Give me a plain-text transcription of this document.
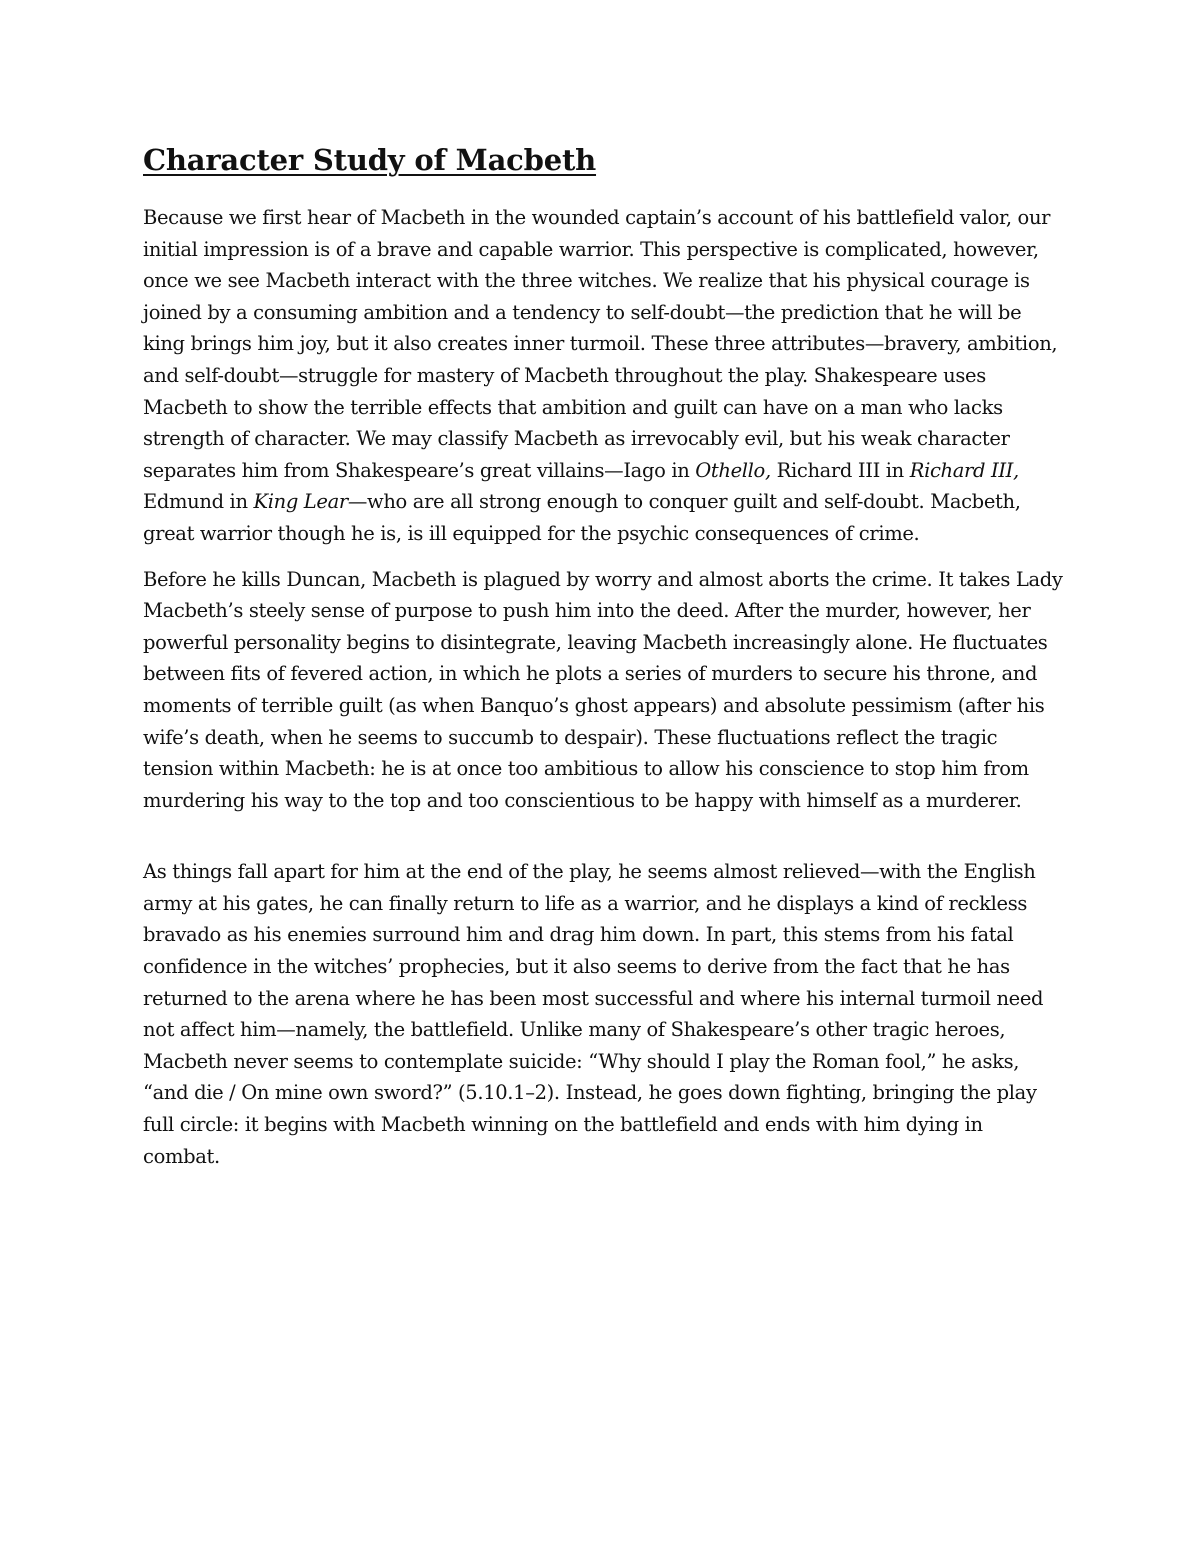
Character Study of Macbeth

Because we first hear of Macbeth in the wounded captain’s account of his battlefield valor, our initial impression is of a brave and capable warrior. This perspective is complicated, however, once we see Macbeth interact with the three witches. We realize that his physical courage is joined by a consuming ambition and a tendency to self-doubt—the prediction that he will be king brings him joy, but it also creates inner turmoil. These three attributes—bravery, ambition, and self-doubt—struggle for mastery of Macbeth throughout the play. Shakespeare uses Macbeth to show the terrible effects that ambition and guilt can have on a man who lacks strength of character. We may classify Macbeth as irrevocably evil, but his weak character separates him from Shakespeare’s great villains—Iago in Othello, Richard III in Richard III, Edmund in King Lear—who are all strong enough to conquer guilt and self-doubt. Macbeth, great warrior though he is, is ill equipped for the psychic consequences of crime.

Before he kills Duncan, Macbeth is plagued by worry and almost aborts the crime. It takes Lady Macbeth’s steely sense of purpose to push him into the deed. After the murder, however, her powerful personality begins to disintegrate, leaving Macbeth increasingly alone. He fluctuates between fits of fevered action, in which he plots a series of murders to secure his throne, and moments of terrible guilt (as when Banquo’s ghost appears) and absolute pessimism (after his wife’s death, when he seems to succumb to despair). These fluctuations reflect the tragic tension within Macbeth: he is at once too ambitious to allow his conscience to stop him from murdering his way to the top and too conscientious to be happy with himself as a murderer.

As things fall apart for him at the end of the play, he seems almost relieved—with the English army at his gates, he can finally return to life as a warrior, and he displays a kind of reckless bravado as his enemies surround him and drag him down. In part, this stems from his fatal confidence in the witches’ prophecies, but it also seems to derive from the fact that he has returned to the arena where he has been most successful and where his internal turmoil need not affect him—namely, the battlefield. Unlike many of Shakespeare’s other tragic heroes, Macbeth never seems to contemplate suicide: “Why should I play the Roman fool,” he asks, “and die / On mine own sword?” (5.10.1–2). Instead, he goes down fighting, bringing the play full circle: it begins with Macbeth winning on the battlefield and ends with him dying in combat.
